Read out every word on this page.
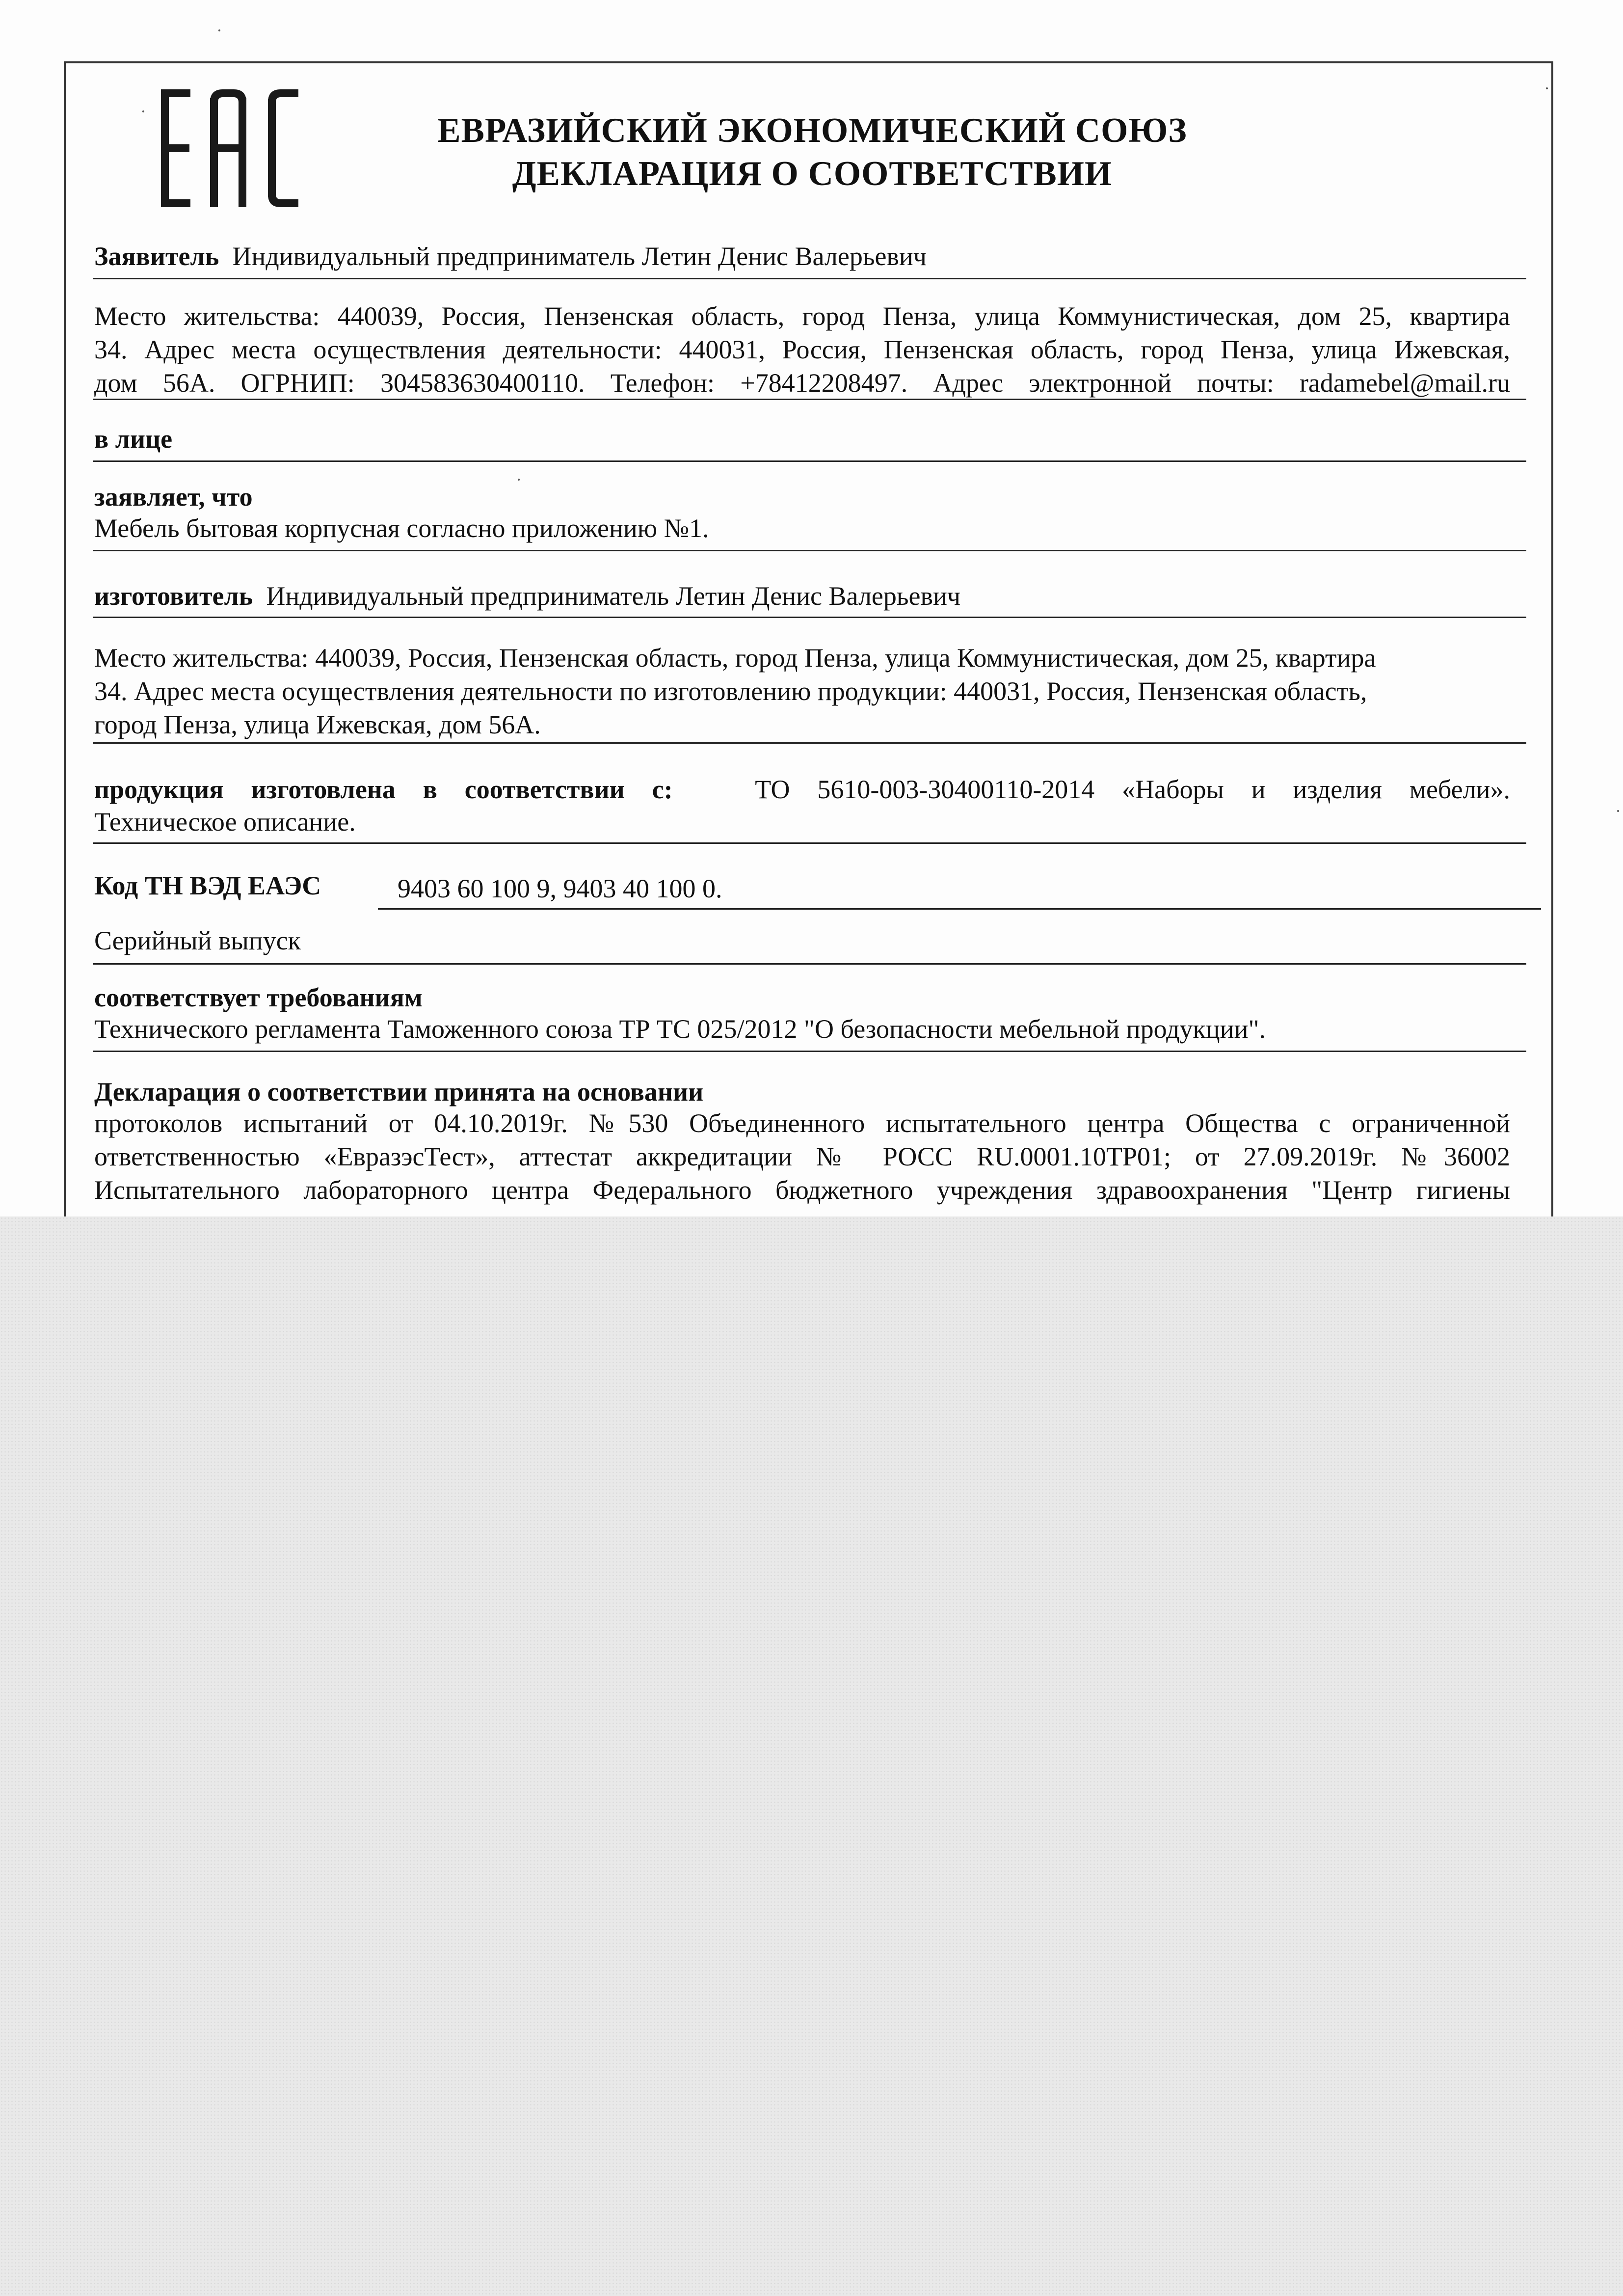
ЕВРАЗИЙСКИЙ ЭКОНОМИЧЕСКИЙ СОЮЗ
ДЕКЛАРАЦИЯ О СООТВЕТСТВИИ
Заявитель Индивидуальный предприниматель Летин Денис Валерьевич
Место жительства: 440039, Россия, Пензенская область, город Пенза, улица Коммунистическая, дом 25, квартира
34. Адрес места осуществления деятельности: 440031, Россия, Пензенская область, город Пенза, улица Ижевская,
дом 56А. ОГРНИП: 304583630400110. Телефон: +78412208497. Адрес электронной почты: radamebel@mail.ru
в лице
заявляет, что
Мебель бытовая корпусная согласно приложению №1.
изготовитель Индивидуальный предприниматель Летин Денис Валерьевич
Место жительства: 440039, Россия, Пензенская область, город Пенза, улица Коммунистическая, дом 25, квартира
34. Адрес места осуществления деятельности по изготовлению продукции: 440031, Россия, Пензенская область,
город Пенза, улица Ижевская, дом 56А.
продукция изготовлена в соответствии с:	ТО 5610-003-30400110-2014 «Наборы и изделия мебели».
Техническое описание.
Код ТН ВЭД ЕАЭС	9403 60 100 9, 9403 40 100 0.
Серийный выпуск
соответствует требованиям
Технического регламента Таможенного союза ТР ТС 025/2012 "О безопасности мебельной продукции".
Декларация о соответствии принята на основании
протоколов испытаний от 04.10.2019г. №530 Объединенного испытательного центра Общества с ограниченной
ответственностью «ЕвразэсТест», аттестат аккредитации № РОСС RU.0001.10ТР01; от 27.09.2019г. №36002
Испытательного лабораторного центра Федерального бюджетного учреждения здравоохранения "Центр гигиены
